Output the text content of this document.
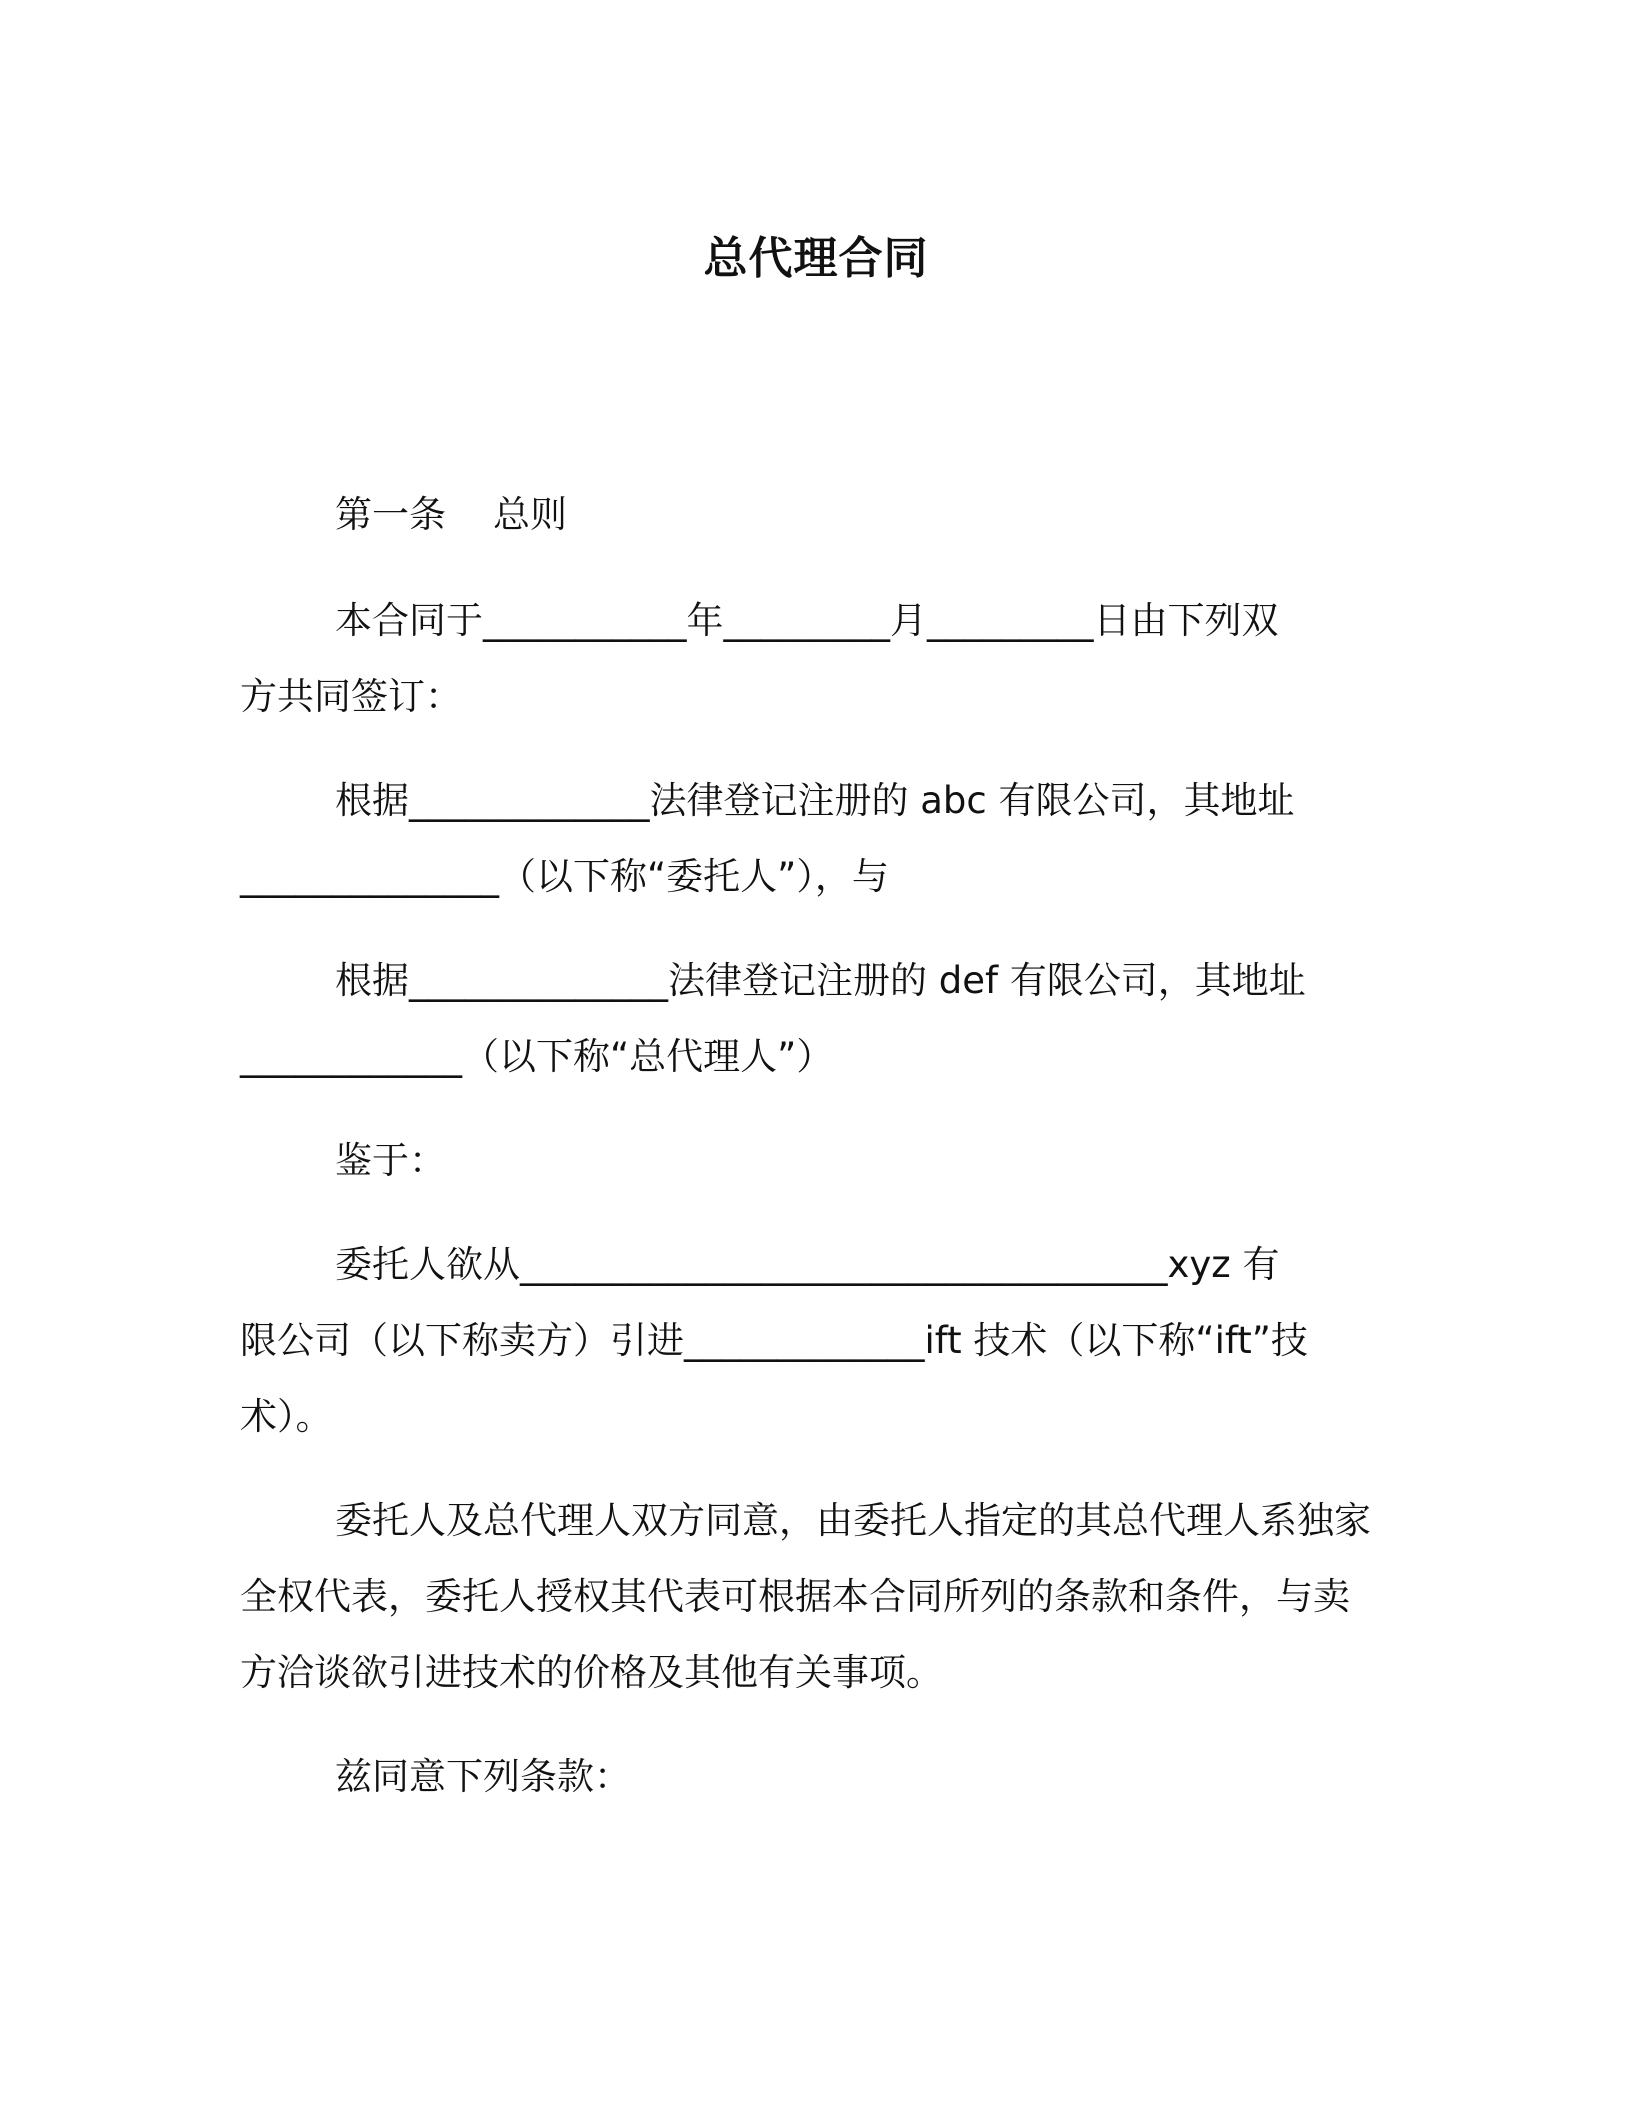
总代理合同

第一条    总则

本合同于___________年_________月_________日由下列双

方共同签订：

根据_____________法律登记注册的 abc 有限公司，其地址

______________（以下称“委托人”），与

根据______________法律登记注册的 def 有限公司，其地址

____________（以下称“总代理人”）

鉴于：

委托人欲从___________________________________xyz 有

限公司（以下称卖方）引进_____________ift 技术（以下称“ift”技

术）。

委托人及总代理人双方同意，由委托人指定的其总代理人系独家

全权代表，委托人授权其代表可根据本合同所列的条款和条件，与卖

方洽谈欲引进技术的价格及其他有关事项。

兹同意下列条款：
